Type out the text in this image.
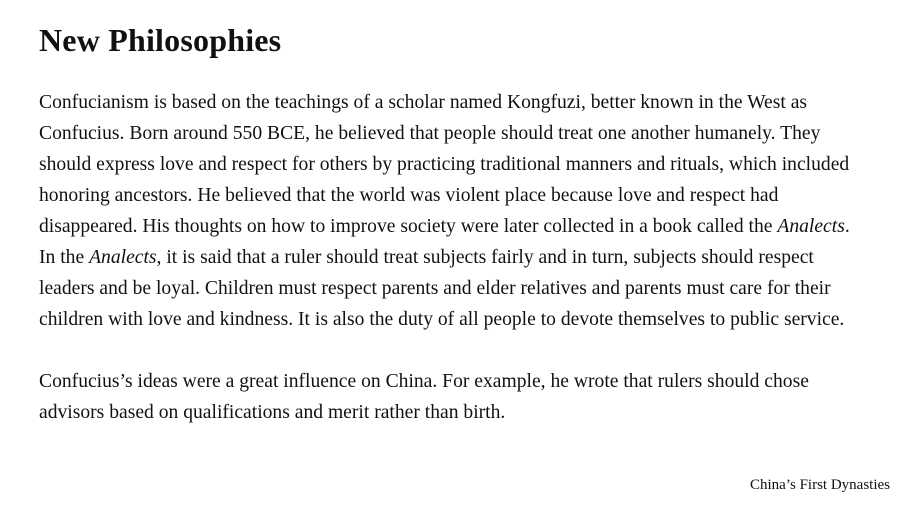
New Philosophies

Confucianism is based on the teachings of a scholar named Kongfuzi, better known in the West as Confucius. Born around 550 BCE, he believed that people should treat one another humanely. They should express love and respect for others by practicing traditional manners and rituals, which included honoring ancestors. He believed that the world was violent place because love and respect had disappeared. His thoughts on how to improve society were later collected in a book called the Analects. In the Analects, it is said that a ruler should treat subjects fairly and in turn, subjects should respect leaders and be loyal. Children must respect parents and elder relatives and parents must care for their children with love and kindness. It is also the duty of all people to devote themselves to public service.

Confucius’s ideas were a great influence on China. For example, he wrote that rulers should chose advisors based on qualifications and merit rather than birth.

China’s First Dynasties
